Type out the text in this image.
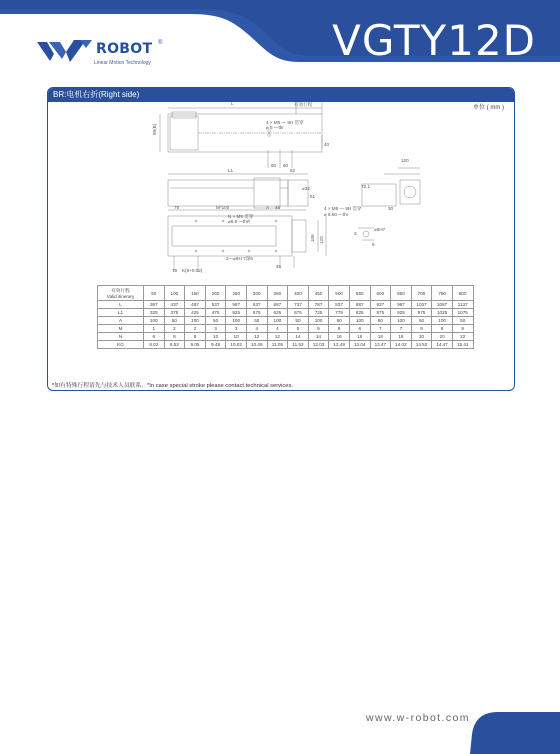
ROBOT ®
Linear Motion Technology	VGTY12D
BR:电机右折(Right side)
单位 ( mm )
L	有效行程
4 × M6 — 8H 贯穿
⌀ 5 —thr
40
60 60
85(B)
L1	62
⌀32
51
79	M*100	A 45
N × M8 贯穿
⌀6.6 —thr
2—⌀6H 7深6
106 120
45
79 K(6+0.02)
120
72.1
4 × M8 — 8H 贯穿
⌀ 6.60 —thr
30
⌀6H7
3
6
有效行程
Valid itinerary	50	100	150	200	250	300	350	400	450	500	550	600	650	700	750	800
L	387	437	487	537	587	637	687	737	787	837	887	937	987	1037	1087	1137
L1	325	375	425	475	525	575	625	675	725	775	825	875	925	975	1025	1075
A	100	50	100	50	100	50	100	50	100	50	100	50	100	50	100	50
M	1	2	2	3	3	4	4	5	5	6	6	7	7	8	8	9
N	6	8	8	10	10	12	12	14	14	16	16	18	18	20	20	22
KG	8.02	8.53	9.05	9.48	10.02	10.49	11.05	11.53	12.03	12.49	13.04	13.47	14.02	14.52	14.47	15.41
*如有特殊行程请先与技术人员联系。*In case special stroke please contact technical services.
www.w-robot.com
